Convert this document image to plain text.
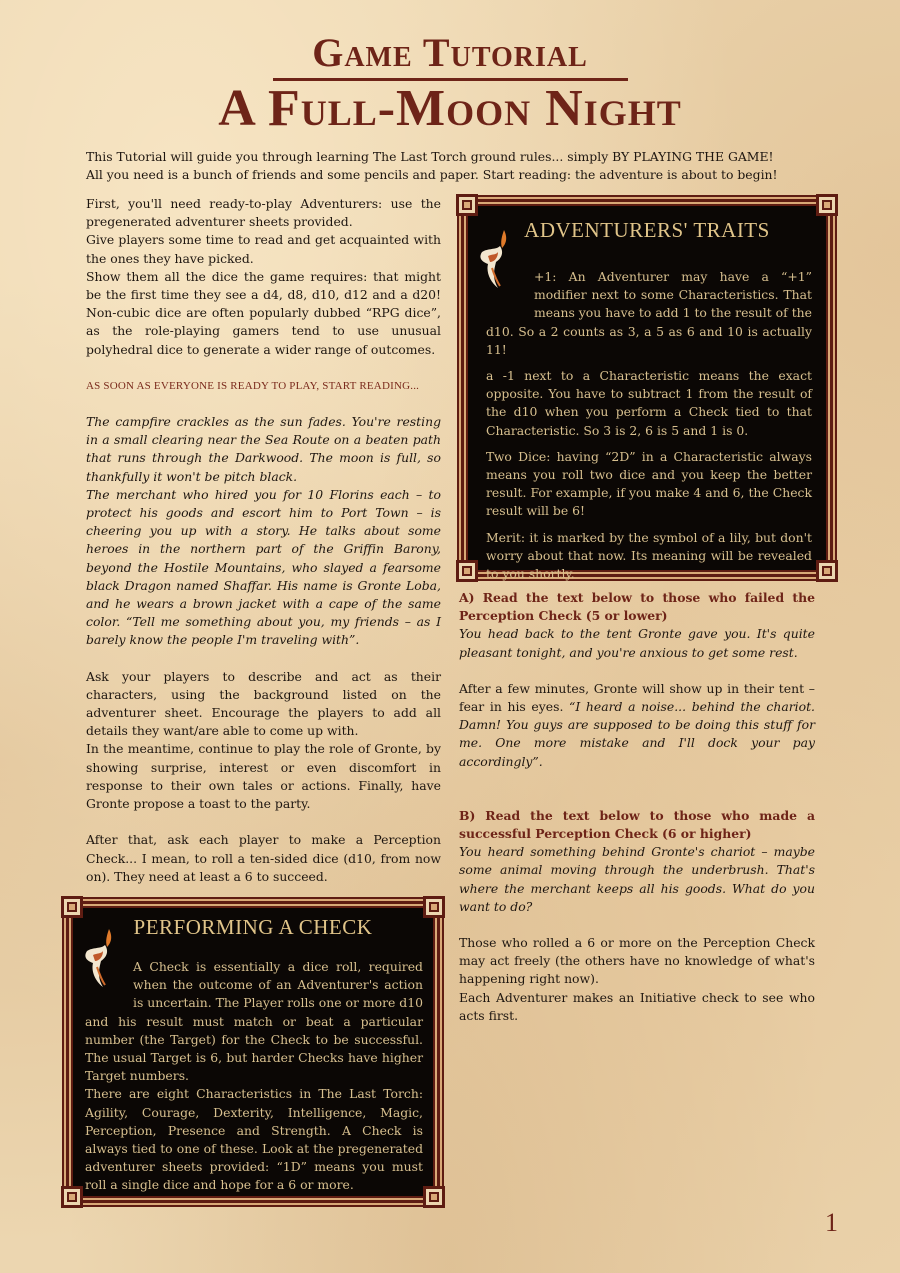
Game Tutorial
A Full-Moon Night
This Tutorial will guide you through learning The Last Torch ground rules... simply BY PLAYING THE GAME!
All you need is a bunch of friends and some pencils and paper. Start reading: the adventure is about to begin!

First, you'll need ready-to-play Adventurers: use the pregenerated adventurer sheets provided.

Give players some time to read and get acquainted with the ones they have picked.

Show them all the dice the game requires: that might be the first time they see a d4, d8, d10, d12 and a d20! Non-cubic dice are often popularly dubbed “RPG dice”, as the role-playing gamers tend to use unusual polyhedral dice to generate a wider range of outcomes.

AS SOON AS EVERYONE IS READY TO PLAY, START READING...

The campfire crackles as the sun fades. You're resting in a small clearing near the Sea Route on a beaten path that runs through the Darkwood. The moon is full, so thankfully it won't be pitch black.

The merchant who hired you for 10 Florins each – to protect his goods and escort him to Port Town – is cheering you up with a story. He talks about some heroes in the northern part of the Griffin Barony, beyond the Hostile Mountains, who slayed a fearsome black Dragon named Shaffar. His name is Gronte Loba, and he wears a brown jacket with a cape of the same color. “Tell me something about you, my friends – as I barely know the people I'm traveling with”.

Ask your players to describe and act as their characters, using the background listed on the adventurer sheet. Encourage the players to add all details they want/are able to come up with.

In the meantime, continue to play the role of Gronte, by showing surprise, interest or even discomfort in response to their own tales or actions. Finally, have Gronte propose a toast to the party.

After that, ask each player to make a Perception Check... I mean, to roll a ten-sided dice (d10, from now on). They need at least a 6 to succeed.

ADVENTURERS' TRAITS

+1: An Adventurer may have a “+1” modifier next to some Characteristics. That means you have to add 1 to the result of the d10. So a 2 counts as 3, a 5 as 6 and 10 is actually 11!

a -1 next to a Characteristic means the exact opposite. You have to subtract 1 from the result of the d10 when you perform a Check tied to that Characteristic. So 3 is 2, 6 is 5 and 1 is 0.

Two Dice: having “2D” in a Characteristic always means you roll two dice and you keep the better result. For example, if you make 4 and 6, the Check result will be 6!

Merit: it is marked by the symbol of a lily, but don't worry about that now. Its meaning will be revealed to you shortly.

A) Read the text below to those who failed the Perception Check (5 or lower)

You head back to the tent Gronte gave you. It's quite pleasant tonight, and you're anxious to get some rest.

After a few minutes, Gronte will show up in their tent – fear in his eyes. “I heard a noise... behind the chariot. Damn! You guys are supposed to be doing this stuff for me. One more mistake and I'll dock your pay accordingly”.

B) Read the text below to those who made a successful Perception Check (6 or higher)

You heard something behind Gronte's chariot – maybe some animal moving through the underbrush. That's where the merchant keeps all his goods. What do you want to do?

Those who rolled a 6 or more on the Perception Check may act freely (the others have no knowledge of what's happening right now).

Each Adventurer makes an Initiative check to see who acts first.

PERFORMING A CHECK

A Check is essentially a dice roll, required when the outcome of an Adventurer's action is uncertain. The Player rolls one or more d10 and his result must match or beat a particular number (the Target) for the Check to be successful. The usual Target is 6, but harder Checks have higher Target numbers.

There are eight Characteristics in The Last Torch: Agility, Courage, Dexterity, Intelligence, Magic, Perception, Presence and Strength. A Check is always tied to one of these. Look at the pregenerated adventurer sheets provided: “1D” means you must roll a single dice and hope for a 6 or more.

1
